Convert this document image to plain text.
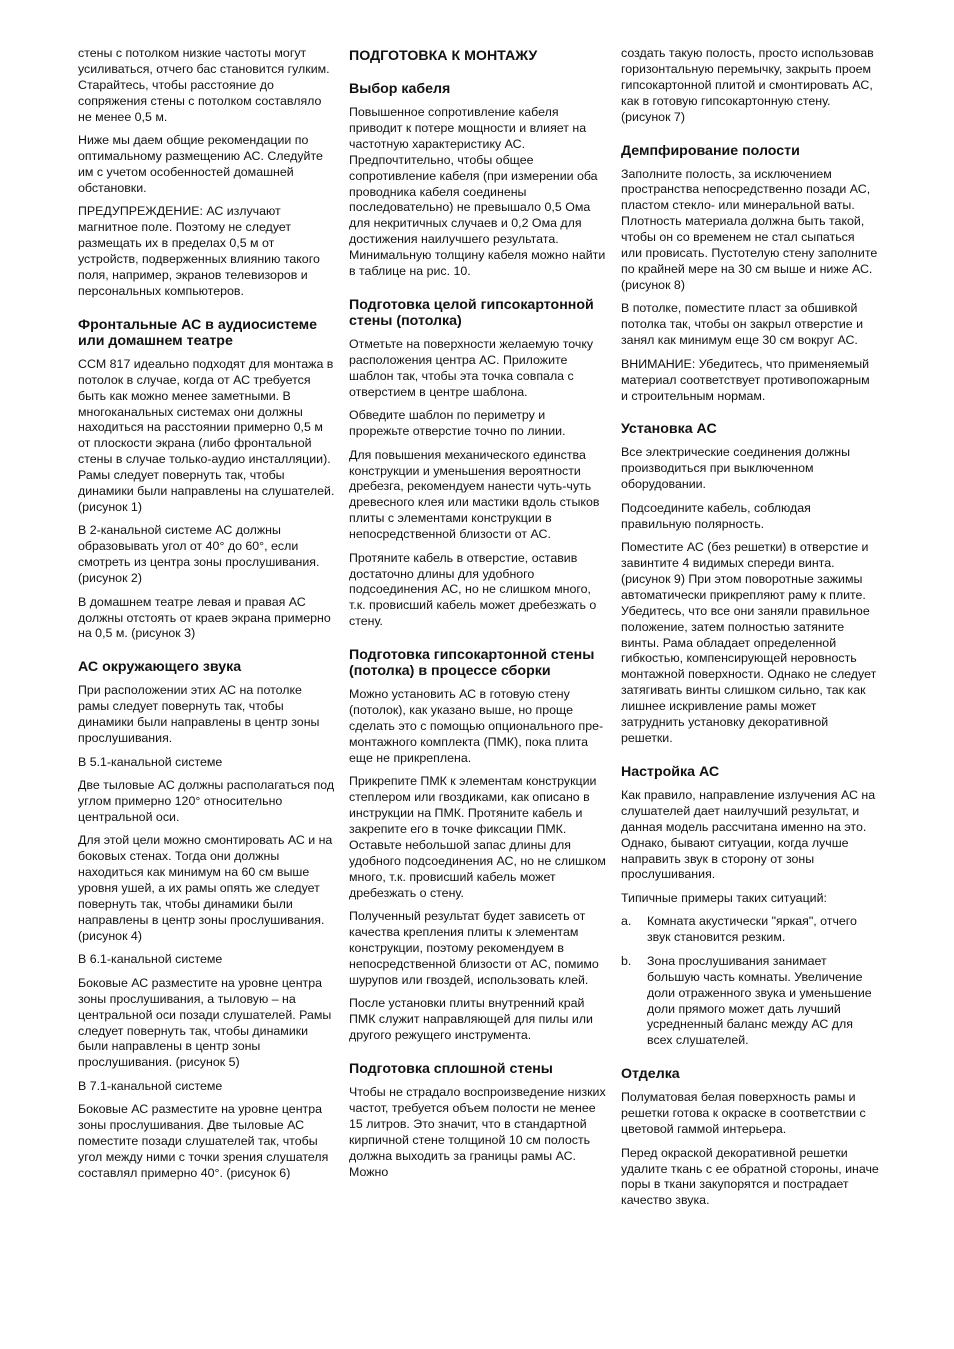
стены с потолком низкие частоты могут усиливаться, отчего бас становится гулким. Старайтесь, чтобы расстояние до сопряжения стены с потолком составляло не менее 0,5 м.

Ниже мы даем общие рекомендации по оптимальному размещению АС. Следуйте им с учетом особенностей домашней обстановки.

ПРЕДУПРЕЖДЕНИЕ: АС излучают магнитное поле. Поэтому не следует размещать их в пределах 0,5 м от устройств, подверженных влиянию такого поля, например, экранов телевизоров и персональных компьютеров.

Фронтальные АС в аудиосистеме или домашнем театре

CCM 817 идеально подходят для монтажа в потолок в случае, когда от АС требуется быть как можно менее заметными. В многоканальных системах они должны находиться на расстоянии примерно 0,5 м от плоскости экрана (либо фронтальной стены в случае только-аудио инсталляции). Рамы следует повернуть так, чтобы динамики были направлены на слушателей. (рисунок 1)

В 2-канальной системе АС должны образовывать угол от 40° до 60°, если смотреть из центра зоны прослушивания. (рисунок 2)

В домашнем театре левая и правая АС должны отстоять от краев экрана примерно на 0,5 м. (рисунок 3)

АС окружающего звука

При расположении этих АС на потолке рамы следует повернуть так, чтобы динамики были направлены в центр зоны прослушивания.

В 5.1-канальной системе

Две тыловые АС должны располагаться под углом примерно 120° относительно центральной оси.

Для этой цели можно смонтировать АС и на боковых стенах. Тогда они должны находиться как минимум на 60 см выше уровня ушей, а их рамы опять же следует повернуть так, чтобы динамики были направлены в центр зоны прослушивания. (рисунок 4)

В 6.1-канальной системе

Боковые АС разместите на уровне центра зоны прослушивания, а тыловую – на центральной оси позади слушателей. Рамы следует повернуть так, чтобы динамики были направлены в центр зоны прослушивания. (рисунок 5)

В 7.1-канальной системе

Боковые АС разместите на уровне центра зоны прослушивания. Две тыловые АС поместите позади слушателей так, чтобы угол между ними с точки зрения слушателя составлял примерно 40°. (рисунок 6)

ПОДГОТОВКА К МОНТАЖУ
Выбор кабеля

Повышенное сопротивление кабеля приводит к потере мощности и влияет на частотную характеристику АС. Предпочтительно, чтобы общее сопротивление кабеля (при измерении оба проводника кабеля соединены последовательно) не превышало 0,5 Ома для некритичных случаев и 0,2 Ома для достижения наилучшего результата. Минимальную толщину кабеля можно найти в таблице на рис. 10.

Подготовка целой гипсокартонной стены (потолка)

Отметьте на поверхности желаемую точку расположения центра АС. Приложите шаблон так, чтобы эта точка совпала с отверстием в центре шаблона.

Обведите шаблон по периметру и прорежьте отверстие точно по линии.

Для повышения механического единства конструкции и уменьшения вероятности дребезга, рекомендуем нанести чуть-чуть древесного клея или мастики вдоль стыков плиты с элементами конструкции в непосредственной близости от АС.

Протяните кабель в отверстие, оставив достаточно длины для удобного подсоединения АС, но не слишком много, т.к. провисший кабель может дребезжать о стену.

Подготовка гипсокартонной стены (потолка) в процессе сборки

Можно установить АС в готовую стену (потолок), как указано выше, но проще сделать это с помощью опционального пре-монтажного комплекта (ПМК), пока плита еще не прикреплена.

Прикрепите ПМК к элементам конструкции степлером или гвоздиками, как описано в инструкции на ПМК. Протяните кабель и закрепите его в точке фиксации ПМК. Оставьте небольшой запас длины для удобного подсоединения АС, но не слишком много, т.к. провисший кабель может дребезжать о стену.

Полученный результат будет зависеть от качества крепления плиты к элементам конструкции, поэтому рекомендуем в непосредственной близости от АС, помимо шурупов или гвоздей, использовать клей.

После установки плиты внутренний край ПМК служит направляющей для пилы или другого режущего инструмента.

Подготовка сплошной стены

Чтобы не страдало воспроизведение низких частот, требуется объем полости не менее 15 литров. Это значит, что в стандартной кирпичной стене толщиной 10 см полость должна выходить за границы рамы АС. Можно

создать такую полость, просто использовав горизонтальную перемычку, закрыть проем гипсокартонной плитой и смонтировать АС, как в готовую гипсокартонную стену. (рисунок 7)

Демпфирование полости

Заполните полость, за исключением пространства непосредственно позади АС, пластом стекло- или минеральной ваты. Плотность материала должна быть такой, чтобы он со временем не стал сыпаться или провисать. Пустотелую стену заполните по крайней мере на 30 см выше и ниже АС. (рисунок 8)

В потолке, поместите пласт за обшивкой потолка так, чтобы он закрыл отверстие и занял как минимум еще 30 см вокруг АС.

ВНИМАНИЕ: Убедитесь, что применяемый материал соответствует противопожарным и строительным нормам.

Установка АС

Все электрические соединения должны производиться при выключенном оборудовании.

Подсоедините кабель, соблюдая правильную полярность.

Поместите АС (без решетки) в отверстие и завинтите 4 видимых спереди винта. (рисунок 9) При этом поворотные зажимы автоматически прикрепляют раму к плите. Убедитесь, что все они заняли правильное положение, затем полностью затяните винты. Рама обладает определенной гибкостью, компенсирующей неровность монтажной поверхности. Однако не следует затягивать винты слишком сильно, так как лишнее искривление рамы может затруднить установку декоративной решетки.

Настройка АС

Как правило, направление излучения АС на слушателей дает наилучший результат, и данная модель рассчитана именно на это. Однако, бывают ситуации, когда лучше направить звук в сторону от зоны прослушивания.

Типичные примеры таких ситуаций:

a. Комната акустически "яркая", отчего звук становится резким.
b. Зона прослушивания занимает большую часть комнаты. Увеличение доли отраженного звука и уменьшение доли прямого может дать лучший усредненный баланс между АС для всех слушателей.
Отделка

Полуматовая белая поверхность рамы и решетки готова к окраске в соответствии с цветовой гаммой интерьера.

Перед окраской декоративной решетки удалите ткань с ее обратной стороны, иначе поры в ткани закупорятся и пострадает качество звука.
